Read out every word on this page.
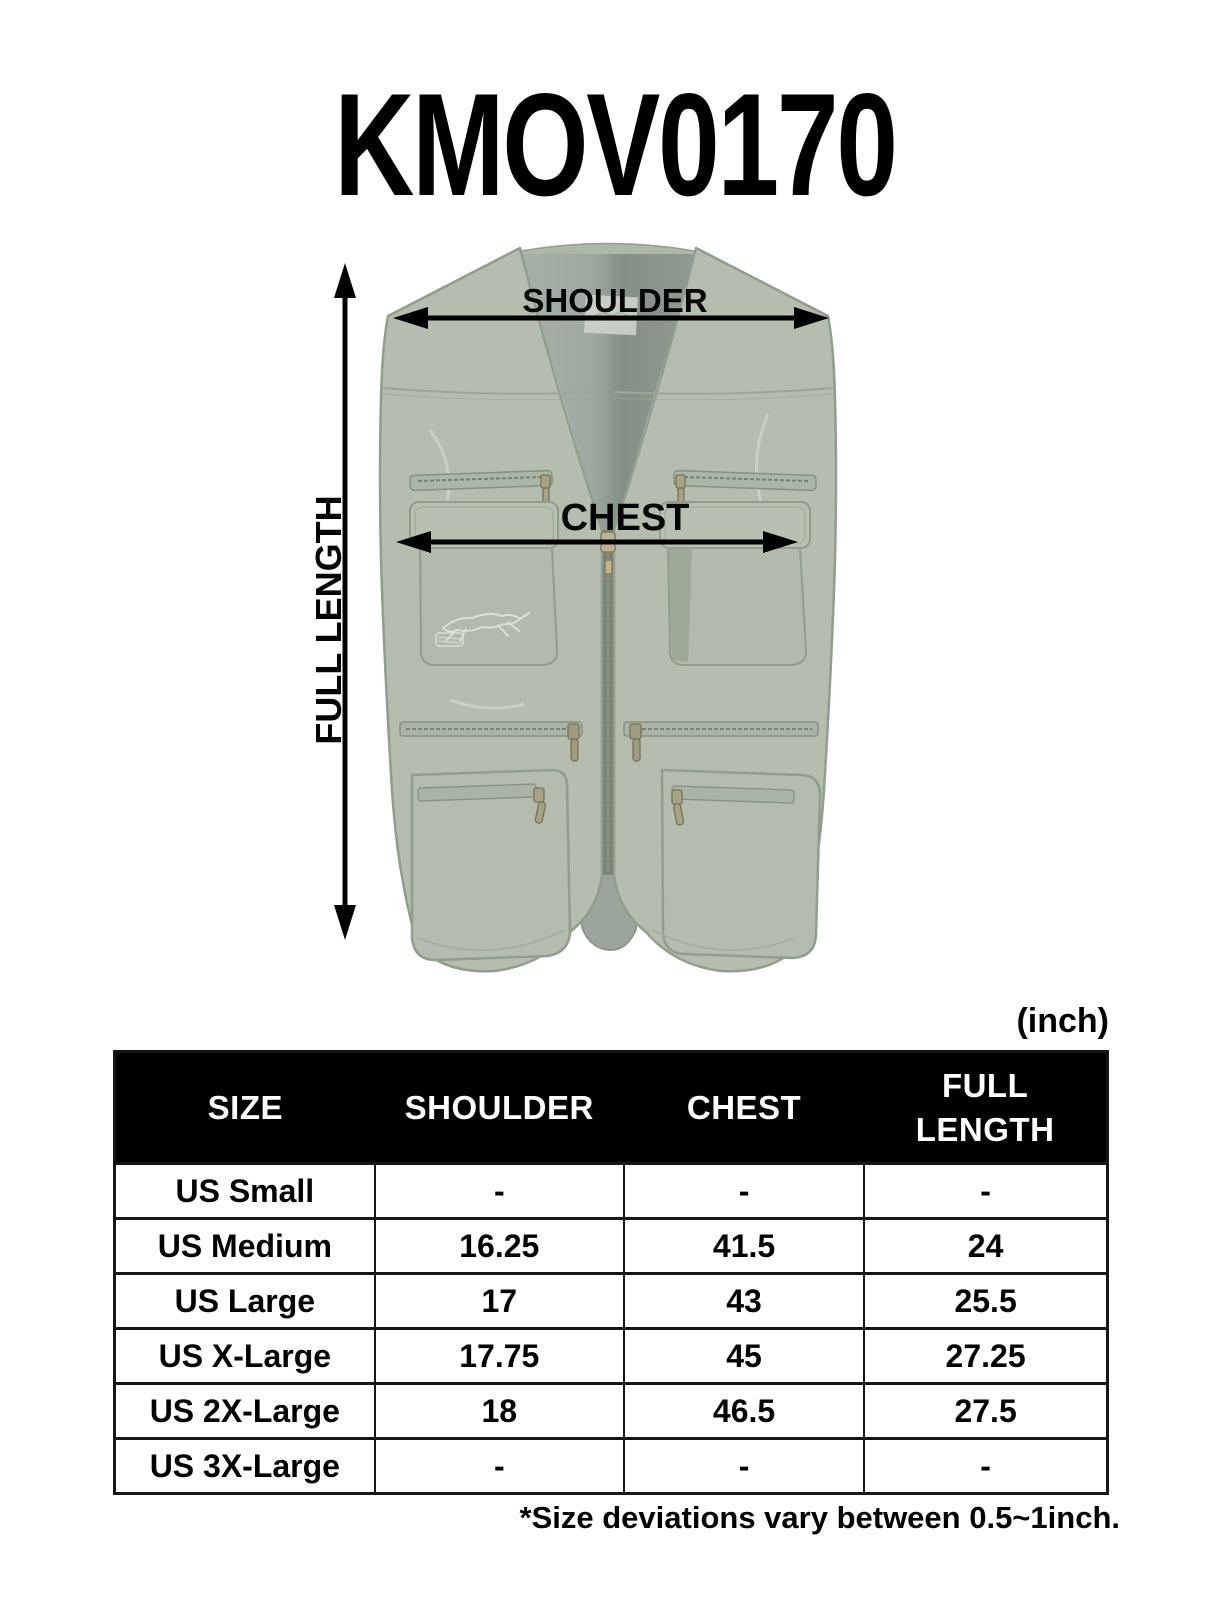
KMOV0170
SHOULDER
CHEST
FULL LENGTH
(inch)
SIZE	SHOULDER	CHEST	FULL LENGTH
US Small	-	-	-
US Medium	16.25	41.5	24
US Large	17	43	25.5
US X-Large	17.75	45	27.25
US 2X-Large	18	46.5	27.5
US 3X-Large	-	-	-
*Size deviations vary between 0.5~1inch.
